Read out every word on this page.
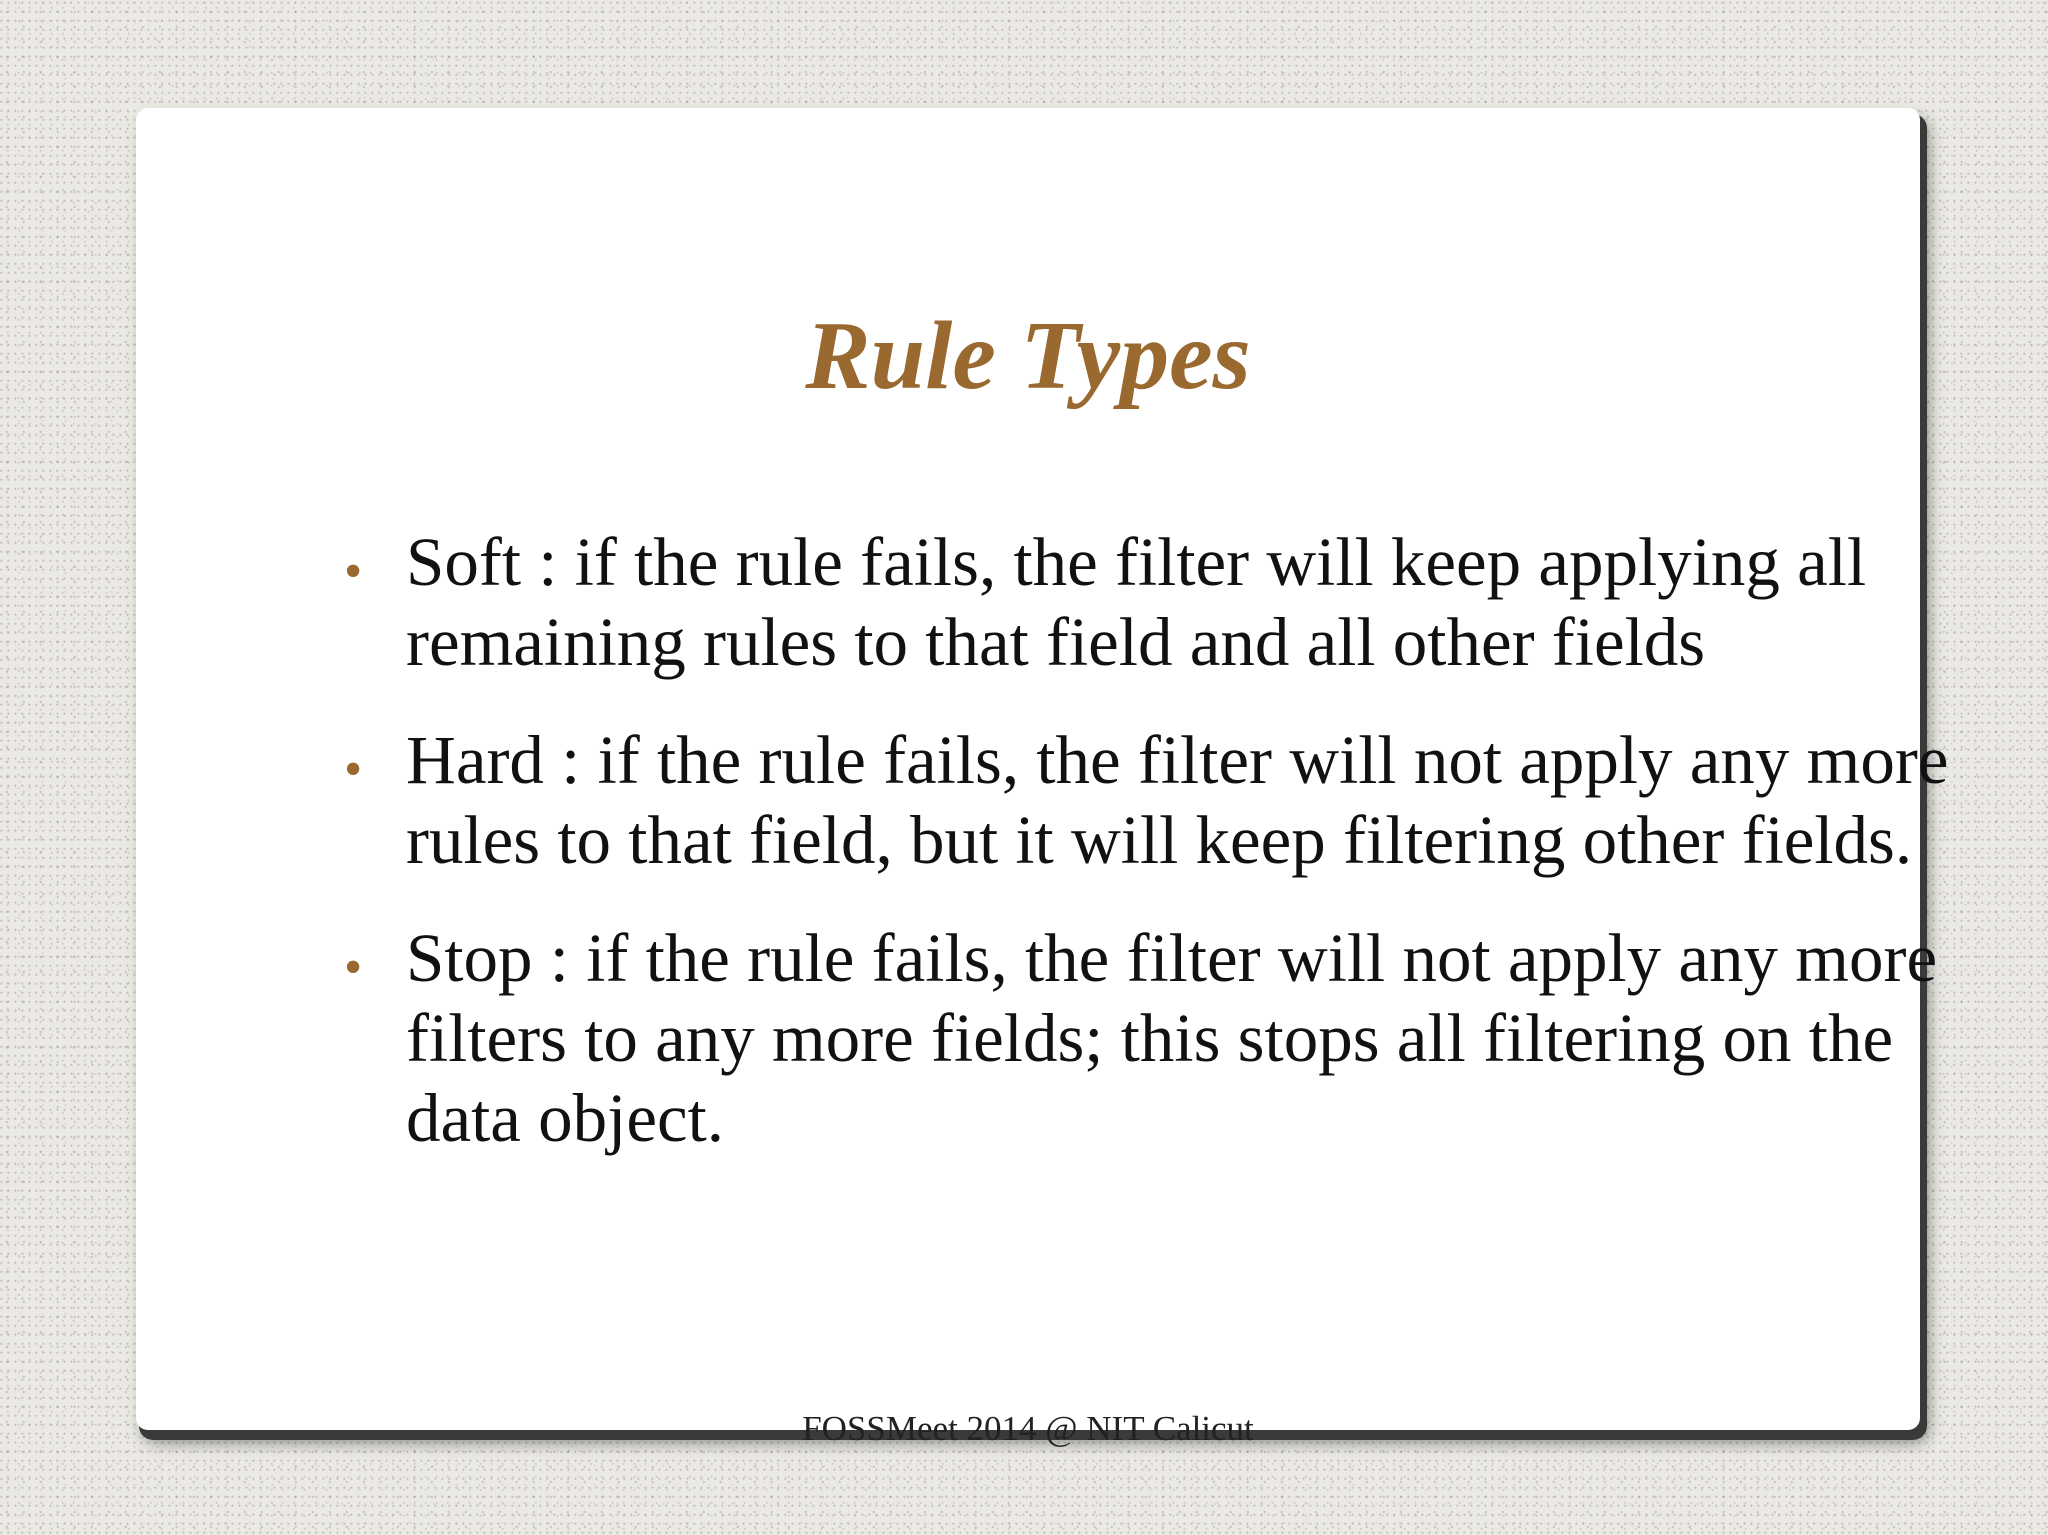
Rule Types
• Soft : if the rule fails, the filter will keep applying all remaining rules to that field and all other fields
• Hard : if the rule fails, the filter will not apply any more rules to that field, but it will keep filtering other fields.
• Stop : if the rule fails, the filter will not apply any more filters to any more fields; this stops all filtering on the data object.
FOSSMeet 2014 @ NIT Calicut
